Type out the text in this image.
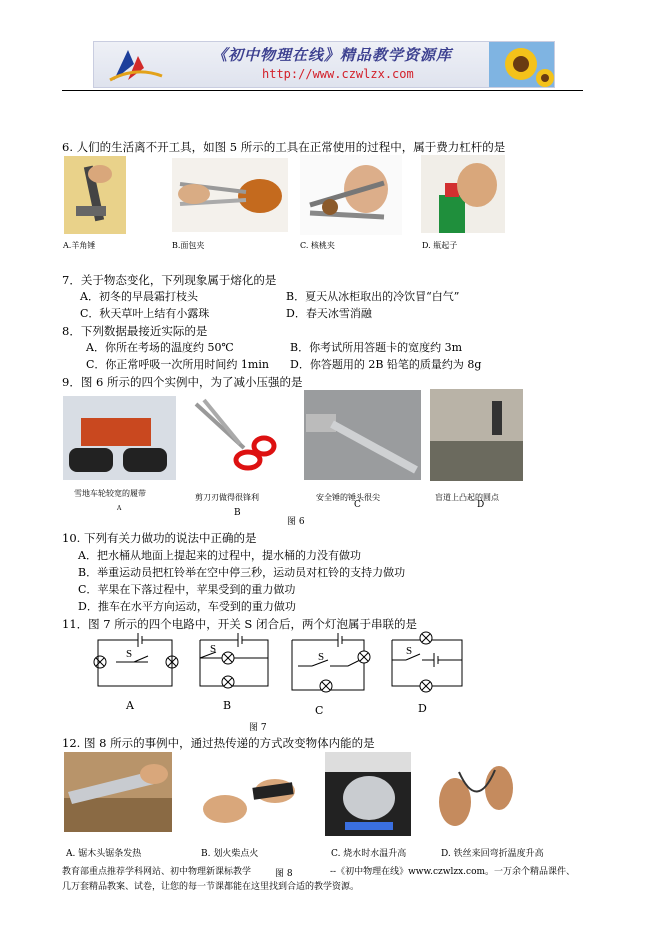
《初中物理在线》精品教学资源库
http://www.czwlzx.com
6. 人们的生活离不开工具，如图 5 所示的工具在正常使用的过程中，属于费力杠杆的是
A.羊角锤	B.面包夹	C. 核桃夹	D. 瓶起子
7．关于物态变化，下列现象属于熔化的是
A．初冬的早晨霜打枝头	B．夏天从冰柜取出的冷饮冒“白气”
C．秋天草叶上结有小露珠	D．春天冰雪消融
8．下列数据最接近实际的是
A．你所在考场的温度约 50℃	B．你考试所用答题卡的宽度约 3m
C．你正常呼吸一次所用时间约 1min D．你答题用的 2B 铅笔的质量约为 8g
9．图 6 所示的四个实例中，为了减小压强的是
雪地车轮较宽的履带	剪刀刃做得很锋利	安全锤的锤头很尖	盲道上凸起的圆点
A	B
C	D
图 6
10. 下列有关力做功的说法中正确的是
A．把水桶从地面上提起来的过程中，提水桶的力没有做功
B．举重运动员把杠铃举在空中停三秒，运动员对杠铃的支持力做功
C．苹果在下落过程中，苹果受到的重力做功
D．推车在水平方向运动，车受到的重力做功
11．图 7 所示的四个电路中，开关 S 闭合后，两个灯泡属于串联的是
S	S
S	S
A	B	C	D
图 7
12. 图 8 所示的事例中，通过热传递的方式改变物体内能的是
A. 锯木头锯条发热	B. 划火柴点火	C. 烧水时水温升高	D. 铁丝来回弯折温度升高
教育部重点推荐学科网站、初中物理新课标教学	图 8	--《初中物理在线》www.czwlzx.com。一万余个精品课件、
几万套精品教案、试卷，让您的每一节课都能在这里找到合适的教学资源。
